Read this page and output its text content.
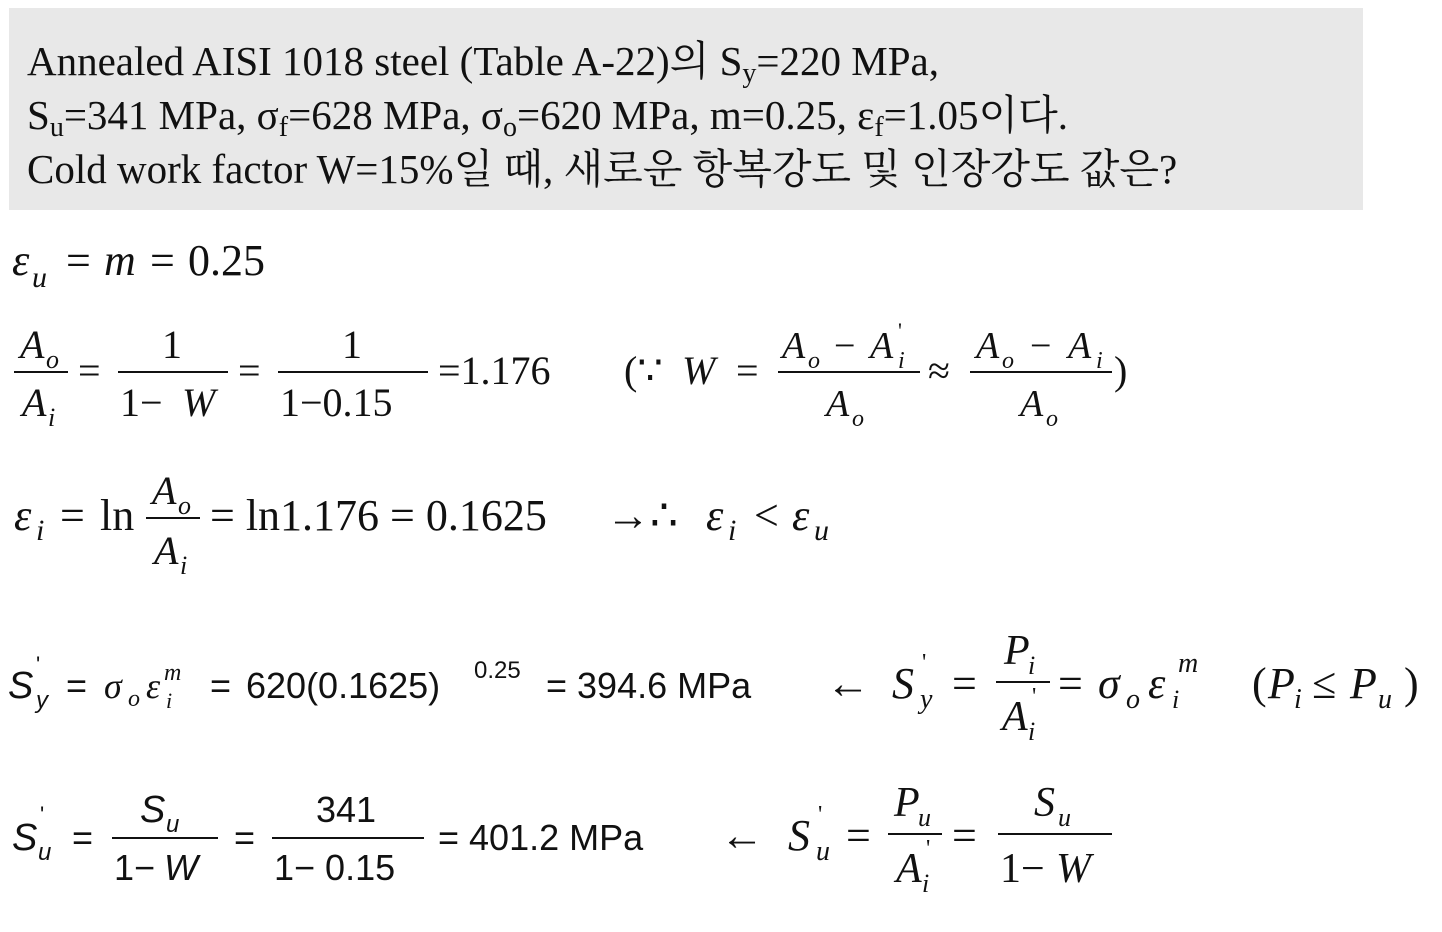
Annealed AISI 1018 steel (Table A-22)의 $S_y=220$ MPa,
$S_u=341$ MPa, $\sigma_f=628$ MPa, $\sigma_o=620$ MPa, m=0.25, $\varepsilon_f=1.05$이다.
Cold work factor W=15%일 때, 새로운 항복강도 및 인장강도 값은?
ε u = m = 0.25
A o
A i
=
1
1− W
=
1
1−0.15
=1.176 (∵ W =
A o − A '
i
A o
≈
A o − A i
A o
)
ε i = ln
A o
A i
= ln1.176 = 0.1625 →∴ ε i < ε u
S
'
y = σ o ε i
m = 620(0.1625) 0.25 = 394.6 MPa ← S '
y =
P
i
A '
i
= σ o ε i
m ( P i ≤ P u )
S
'
u =
S u
1− W
=
341
1− 0.15
= 401.2 MPa ← S '
u =
P
u
A '
i
=
S u
1− W
